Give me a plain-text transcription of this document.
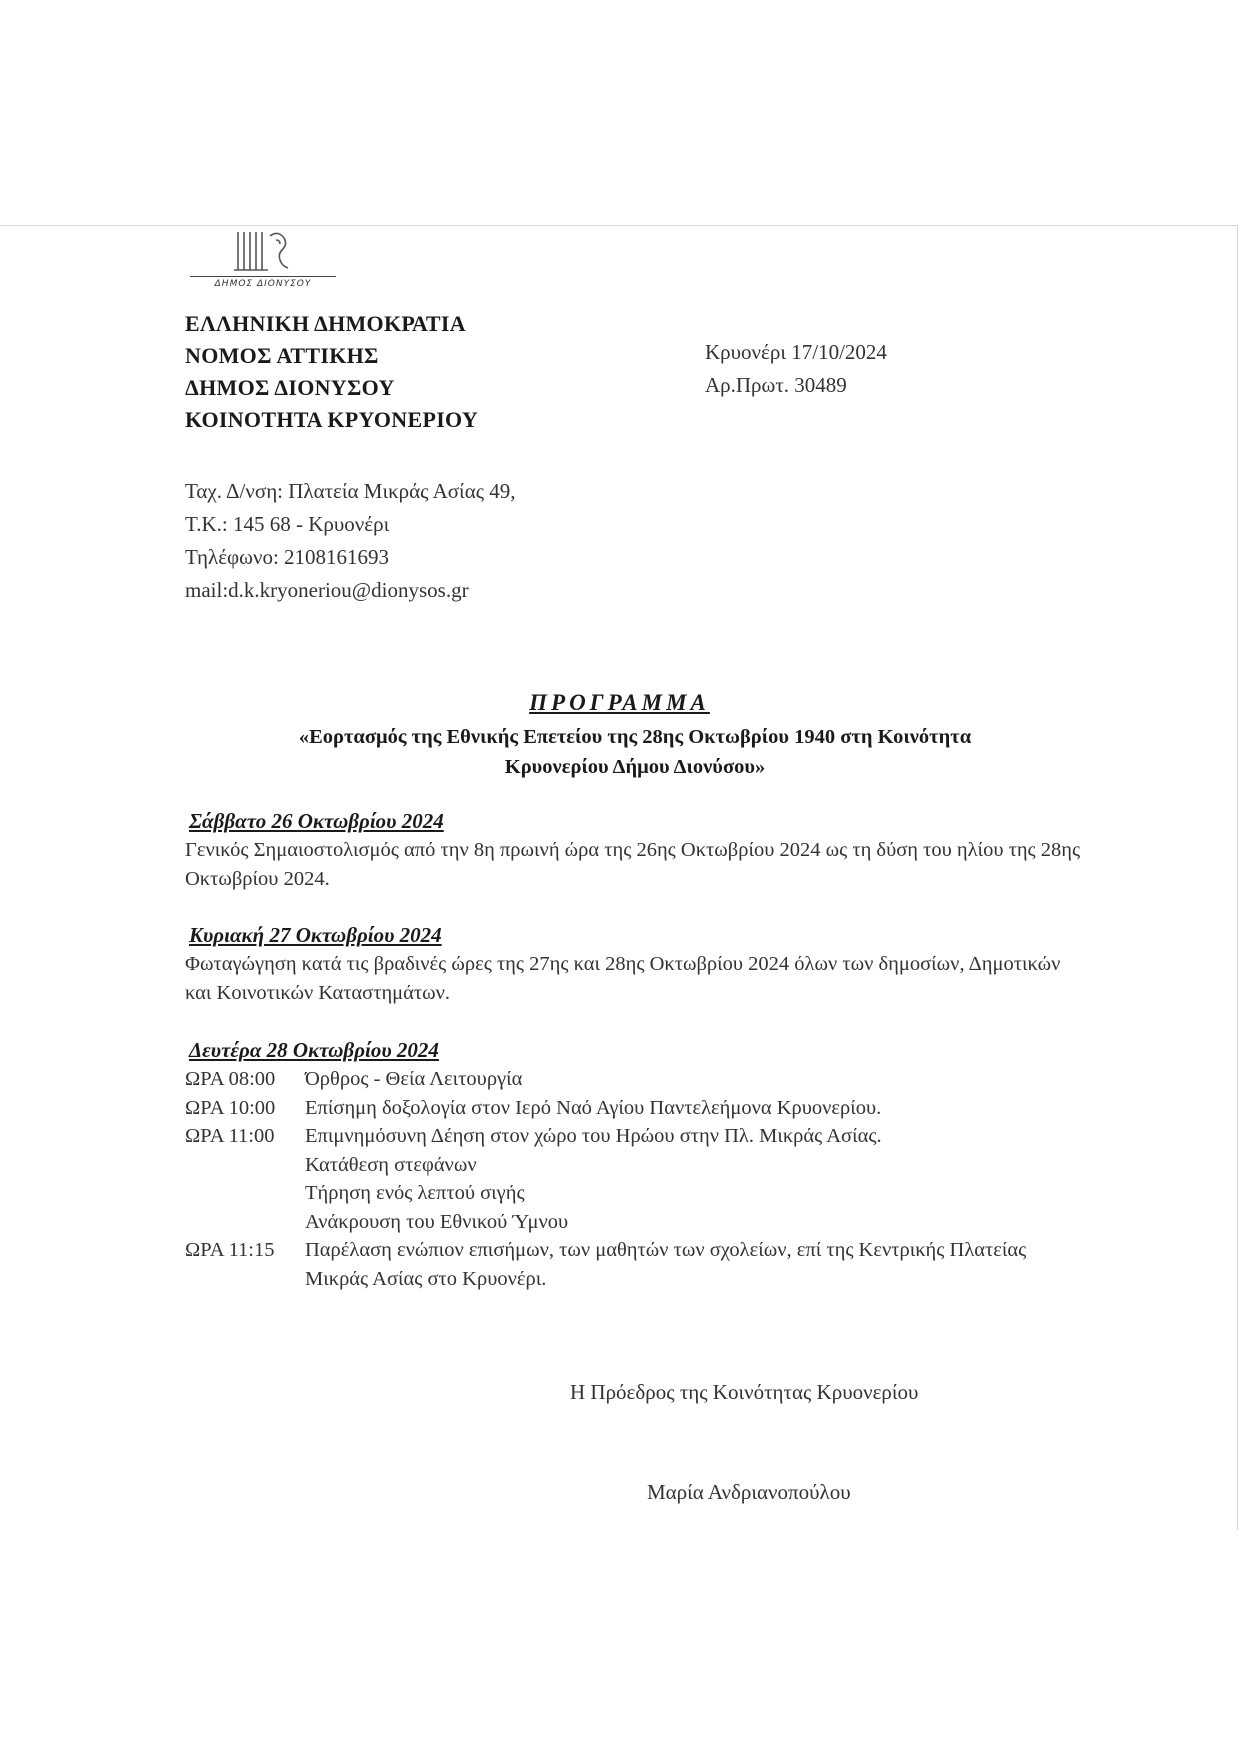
ΔΗΜΟΣ ΔΙΟΝΥΣΟΥ
ΕΛΛΗΝΙΚΗ ΔΗΜΟΚΡΑΤΙΑ
ΝΟΜΟΣ ΑΤΤΙΚΗΣ
ΔΗΜΟΣ ΔΙΟΝΥΣΟΥ
ΚΟΙΝΟΤΗΤΑ ΚΡΥΟΝΕΡΙΟΥ
Κρυονέρι 17/10/2024
Αρ.Πρωτ. 30489
Ταχ. Δ/νση: Πλατεία Μικράς Ασίας 49,
Τ.Κ.: 145 68 - Κρυονέρι
Τηλέφωνο: 2108161693
mail:d.k.kryoneriou@dionysos.gr
ΠΡΟΓΡΑΜΜΑ
«Εορτασμός της Εθνικής Επετείου της 28ης Οκτωβρίου 1940 στη Κοινότητα
Κρυονερίου Δήμου Διονύσου»
Σάββατο 26 Οκτωβρίου 2024
Γενικός Σημαιοστολισμός από την 8η πρωινή ώρα της 26ης Οκτωβρίου 2024 ως τη δύση του ηλίου της 28ης Οκτωβρίου 2024.
Κυριακή 27 Οκτωβρίου 2024
Φωταγώγηση κατά τις βραδινές ώρες της 27ης και 28ης Οκτωβρίου 2024 όλων των δημοσίων, Δημοτικών και Κοινοτικών Καταστημάτων.
Δευτέρα 28 Οκτωβρίου 2024
ΩΡΑ 08:00	Όρθρος - Θεία Λειτουργία
ΩΡΑ 10:00	Επίσημη δοξολογία στον Ιερό Ναό Αγίου Παντελεήμονα Κρυονερίου.
ΩΡΑ 11:00	Επιμνημόσυνη Δέηση στον χώρο του Ηρώου στην Πλ. Μικράς Ασίας.
Κατάθεση στεφάνων
Τήρηση ενός λεπτού σιγής
Ανάκρουση του Εθνικού Ύμνου
ΩΡΑ 11:15	Παρέλαση ενώπιον επισήμων, των μαθητών των σχολείων, επί της Κεντρικής Πλατείας Μικράς Ασίας στο Κρυονέρι.
Η Πρόεδρος της Κοινότητας Κρυονερίου
Μαρία Ανδριανοπούλου
